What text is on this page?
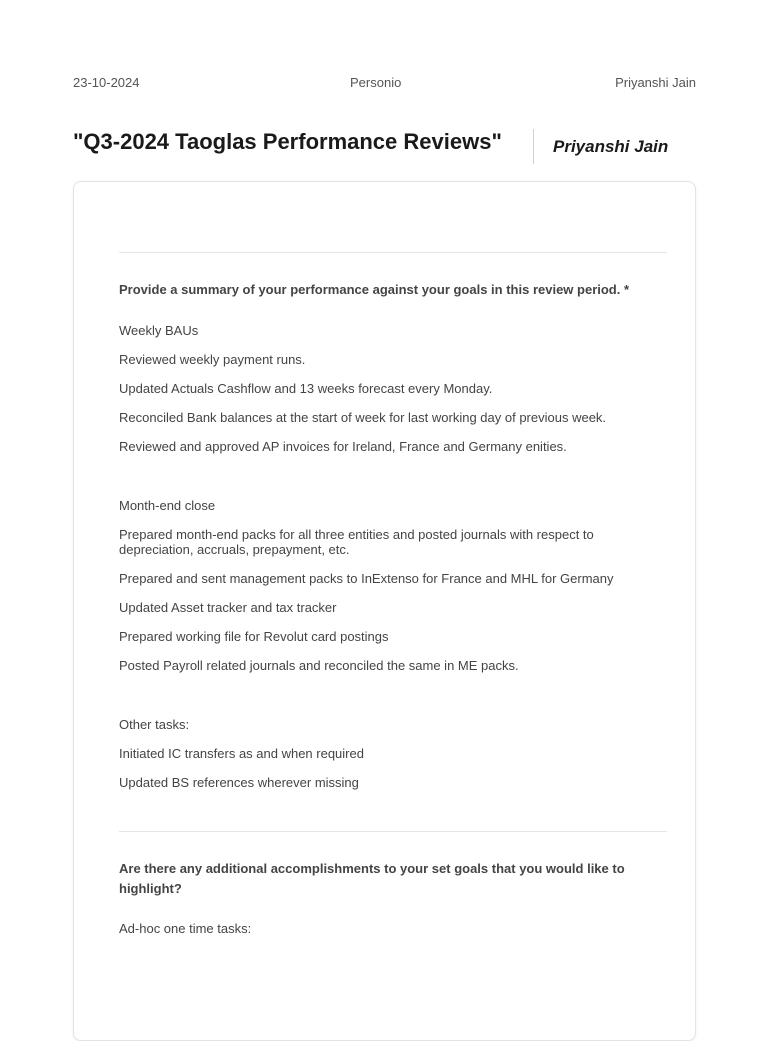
23-10-2024	Personio	Priyanshi Jain
"Q3-2024 Taoglas Performance Reviews"	Priyanshi Jain
Provide a summary of your performance against your goals in this review period. *
Weekly BAUs
Reviewed weekly payment runs.
Updated Actuals Cashflow and 13 weeks forecast every Monday.
Reconciled Bank balances at the start of week for last working day of previous week.
Reviewed and approved AP invoices for Ireland, France and Germany enities.
Month-end close
Prepared month-end packs for all three entities and posted journals with respect to depreciation, accruals, prepayment, etc.
Prepared and sent management packs to InExtenso for France and MHL for Germany
Updated Asset tracker and tax tracker
Prepared working file for Revolut card postings
Posted Payroll related journals and reconciled the same in ME packs.
Other tasks:
Initiated IC transfers as and when required
Updated BS references wherever missing
Are there any additional accomplishments to your set goals that you would like to highlight?
Ad-hoc one time tasks:
